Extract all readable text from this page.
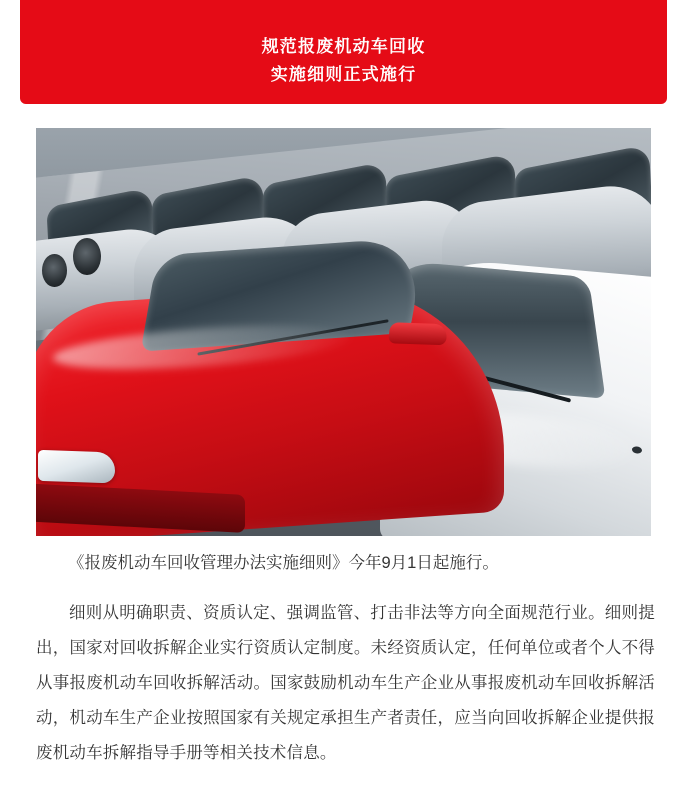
规范报废机动车回收
实施细则正式施行
《报废机动车回收管理办法实施细则》今年9月1日起施行。
细则从明确职责、资质认定、强调监管、打击非法等方向全面规范行业。细则提出，国家对回收拆解企业实行资质认定制度。未经资质认定，任何单位或者个人不得从事报废机动车回收拆解活动。国家鼓励机动车生产企业从事报废机动车回收拆解活动，机动车生产企业按照国家有关规定承担生产者责任，应当向回收拆解企业提供报废机动车拆解指导手册等相关技术信息。
